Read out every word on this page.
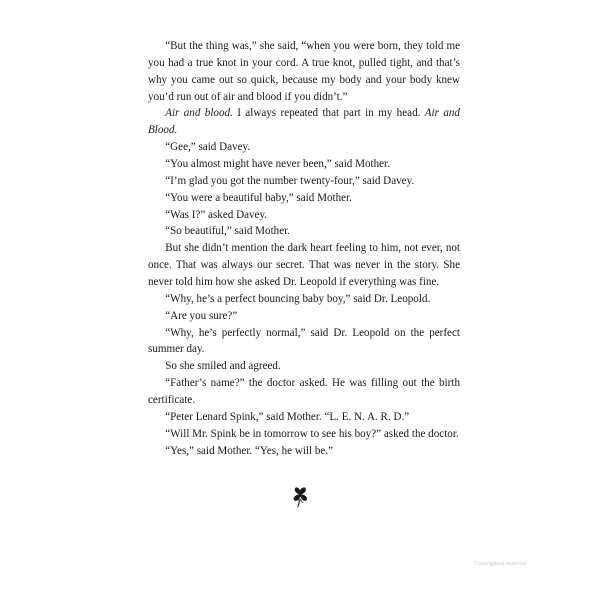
“But the thing was,” she said, “when you were born, they told me you had a true knot in your cord. A true knot, pulled tight, and that’s why you came out so quick, because my body and your body knew you’d run out of air and blood if you didn’t.”

Air and blood. I always repeated that part in my head. Air and Blood.

“Gee,” said Davey.

“You almost might have never been,” said Mother.

“I’m glad you got the number twenty-four,” said Davey.

“You were a beautiful baby,” said Mother.

“Was I?” asked Davey.

“So beautiful,” said Mother.

But she didn’t mention the dark heart feeling to him, not ever, not once. That was always our secret. That was never in the story. She never told him how she asked Dr. Leopold if everything was fine.

“Why, he’s a perfect bouncing baby boy,” said Dr. Leopold.

“Are you sure?”

“Why, he’s perfectly normal,” said Dr. Leopold on the perfect summer day.

So she smiled and agreed.

“Father’s name?” the doctor asked. He was filling out the birth certificate.

“Peter Lenard Spink,” said Mother. “L. E. N. A. R. D.”

“Will Mr. Spink be in tomorrow to see his boy?” asked the doctor.

“Yes,” said Mother. “Yes, he will be.”

Copyrighted material
